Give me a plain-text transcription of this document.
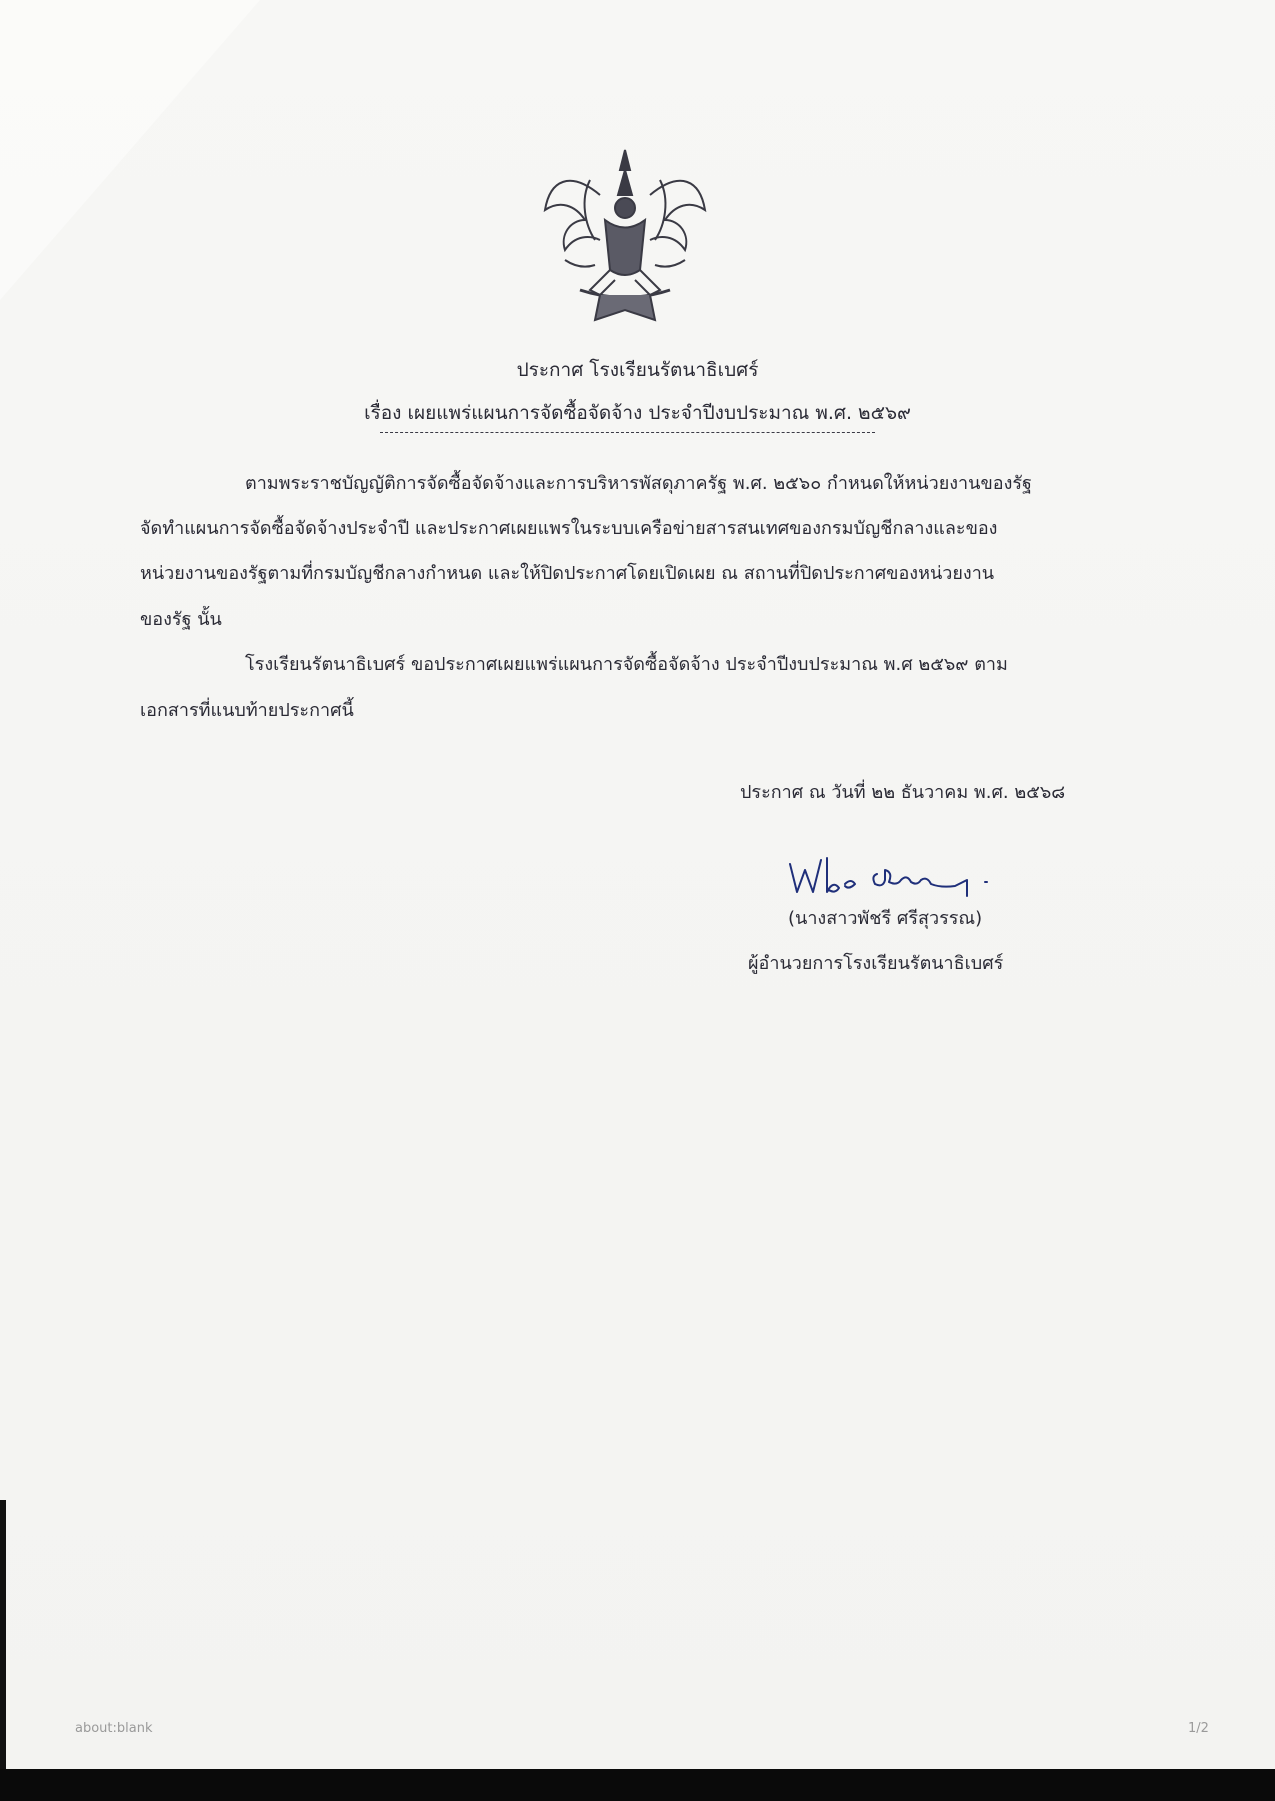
ประกาศ โรงเรียนรัตนาธิเบศร์
เรื่อง เผยแพร่แผนการจัดซื้อจัดจ้าง ประจำปีงบประมาณ พ.ศ. ๒๕๖๙
ตามพระราชบัญญัติการจัดซื้อจัดจ้างและการบริหารพัสดุภาครัฐ พ.ศ. ๒๕๖๐ กำหนดให้หน่วยงานของรัฐ
จัดทำแผนการจัดซื้อจัดจ้างประจำปี และประกาศเผยแพรในระบบเครือข่ายสารสนเทศของกรมบัญชีกลางและของ
หน่วยงานของรัฐตามที่กรมบัญชีกลางกำหนด และให้ปิดประกาศโดยเปิดเผย ณ สถานที่ปิดประกาศของหน่วยงาน
ของรัฐ นั้น
โรงเรียนรัตนาธิเบศร์ ขอประกาศเผยแพร่แผนการจัดซื้อจัดจ้าง ประจำปีงบประมาณ พ.ศ ๒๕๖๙ ตาม
เอกสารที่แนบท้ายประกาศนี้
ประกาศ ณ วันที่ ๒๒ ธันวาคม พ.ศ. ๒๕๖๘
(นางสาวพัชรี ศรีสุวรรณ)
ผู้อำนวยการโรงเรียนรัตนาธิเบศร์
about:blank	1/2
